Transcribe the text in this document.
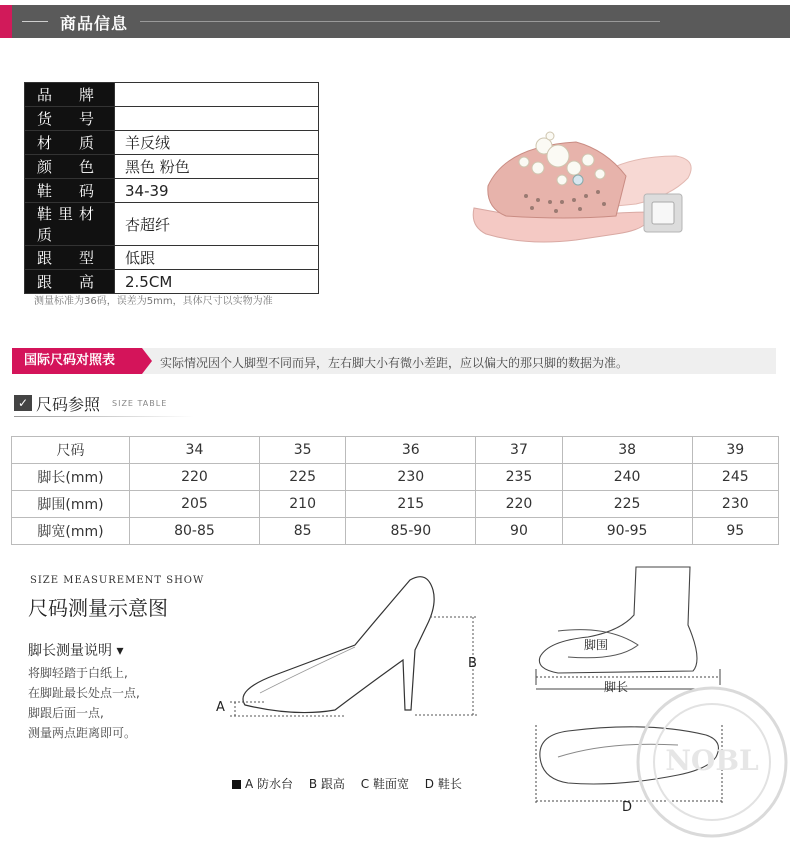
商品信息
品 牌	
货 号	
材 质	羊反绒
颜 色	黑色 粉色
鞋 码	34-39
鞋里材质	杏超纤
跟 型	低跟
跟 高	2.5CM
测量标准为36码，误差为5mm，具体尺寸以实物为准
国际尺码对照表	实际情况因个人脚型不同而异，左右脚大小有微小差距，应以偏大的那只脚的数据为准。
✓ 尺码参照 SIZE TABLE
尺码	34	35	36	37	38	39
脚长(mm)	220	225	230	235	240	245
脚围(mm)	205	210	215	220	225	230
脚宽(mm)	80-85	85	85-90	90	90-95	95
SIZE MEASUREMENT SHOW
尺码测量示意图
脚长测量说明 ▾
将脚轻踏于白纸上,
在脚趾最长处点一点,
脚跟后面一点,
测量两点距离即可。
A
B
A 防水台 B 跟高 C 鞋面宽 D 鞋长
脚围
脚长
D
NOBL
